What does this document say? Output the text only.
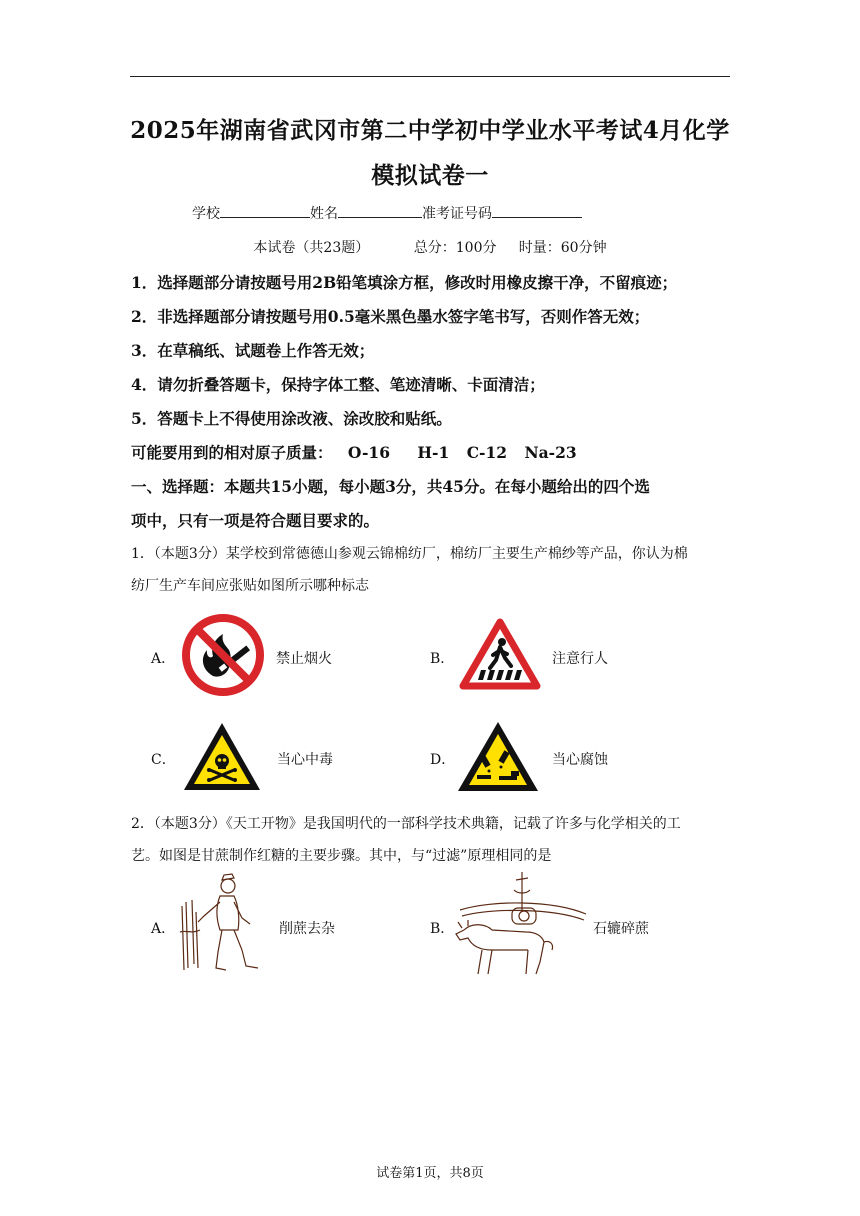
2025年湖南省武冈市第二中学初中学业水平考试4月化学
模拟试卷一
学校	姓名	准考证号码
本试卷（共23题）	总分：100分 时量：60分钟
1．选择题部分请按题号用2B铅笔填涂方框，修改时用橡皮擦干净，不留痕迹；
2．非选择题部分请按题号用0.5毫米黑色墨水签字笔书写，否则作答无效；
3．在草稿纸、试题卷上作答无效；
4．请勿折叠答题卡，保持字体工整、笔迹清晰、卡面清洁；
5．答题卡上不得使用涂改液、涂改胶和贴纸。
可能要用到的相对原子质量： O-16 H-1 C-12 Na-23
一、选择题：本题共15小题，每小题3分，共45分。在每小题给出的四个选
项中，只有一项是符合题目要求的。
1．（本题3分）某学校到常德德山参观云锦棉纺厂，棉纺厂主要生产棉纱等产品，你认为棉
纺厂生产车间应张贴如图所示哪种标志
A．	禁止烟火	B．	注意行人
C．	当心中毒	D．	当心腐蚀
2．（本题3分）《天工开物》是我国明代的一部科学技术典籍，记载了许多与化学相关的工
艺。如图是甘蔗制作红糖的主要步骤。其中，与“过滤”原理相同的是
A．	削蔗去杂	B．	石辘碎蔗
试卷第1页，共8页
